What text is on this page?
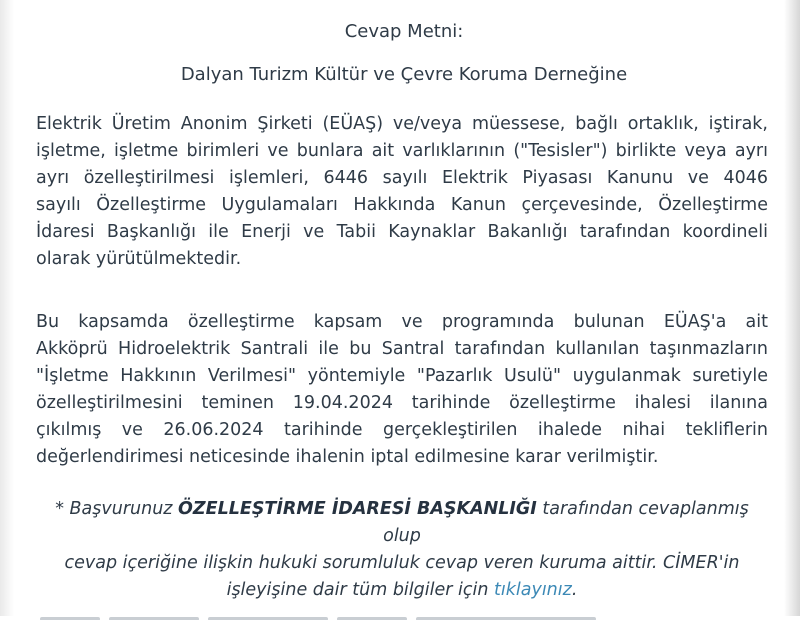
Cevap Metni:
Dalyan Turizm Kültür ve Çevre Koruma Derneğine
Elektrik Üretim Anonim Şirketi (EÜAŞ) ve/veya müessese, bağlı ortaklık, iştirak,
işletme, işletme birimleri ve bunlara ait varlıklarının ("Tesisler") birlikte veya ayrı
ayrı özelleştirilmesi işlemleri, 6446 sayılı Elektrik Piyasası Kanunu ve 4046
sayılı Özelleştirme Uygulamaları Hakkında Kanun çerçevesinde, Özelleştirme
İdaresi Başkanlığı ile Enerji ve Tabii Kaynaklar Bakanlığı tarafından koordineli
olarak yürütülmektedir.
Bu kapsamda özelleştirme kapsam ve programında bulunan EÜAŞ'a ait
Akköprü Hidroelektrik Santrali ile bu Santral tarafından kullanılan taşınmazların
"İşletme Hakkının Verilmesi" yöntemiyle "Pazarlık Usulü" uygulanmak suretiyle
özelleştirilmesini teminen 19.04.2024 tarihinde özelleştirme ihalesi ilanına
çıkılmış ve 26.06.2024 tarihinde gerçekleştirilen ihalede nihai tekliflerin
değerlendirimesi neticesinde ihalenin iptal edilmesine karar verilmiştir.
* Başvurunuz ÖZELLEŞTİRME İDARESİ BAŞKANLIĞI tarafından cevaplanmış olup
cevap içeriğine ilişkin hukuki sorumluluk cevap veren kuruma aittir. CİMER'in
işleyişine dair tüm bilgiler için tıklayınız.
